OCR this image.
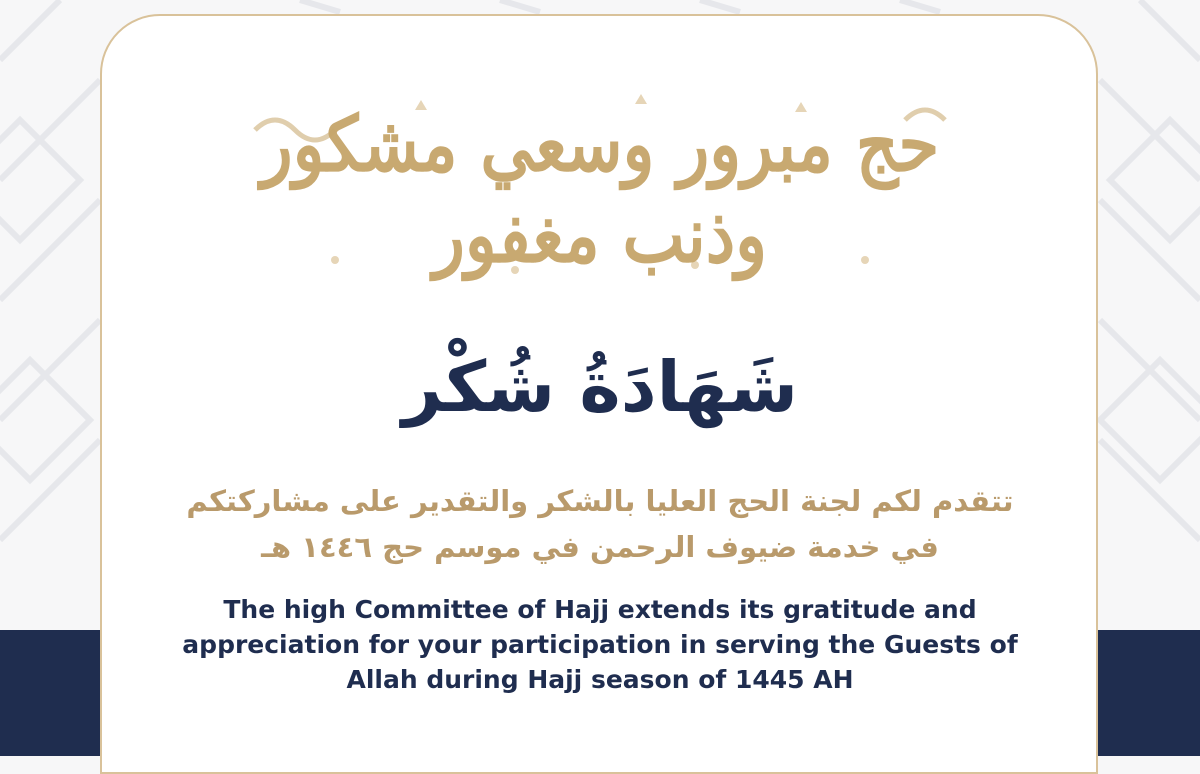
حج مبرور وسعي مشكور وذنب مغفور
شَهَادَةُ شُكْر
تتقدم لكم لجنة الحج العليا بالشكر والتقدير على مشاركتكم
في خدمة ضيوف الرحمن في موسم حج ١٤٤٦ هـ
The high Committee of Hajj extends its gratitude and
appreciation for your participation in serving the Guests of
Allah during Hajj season of 1445 AH
